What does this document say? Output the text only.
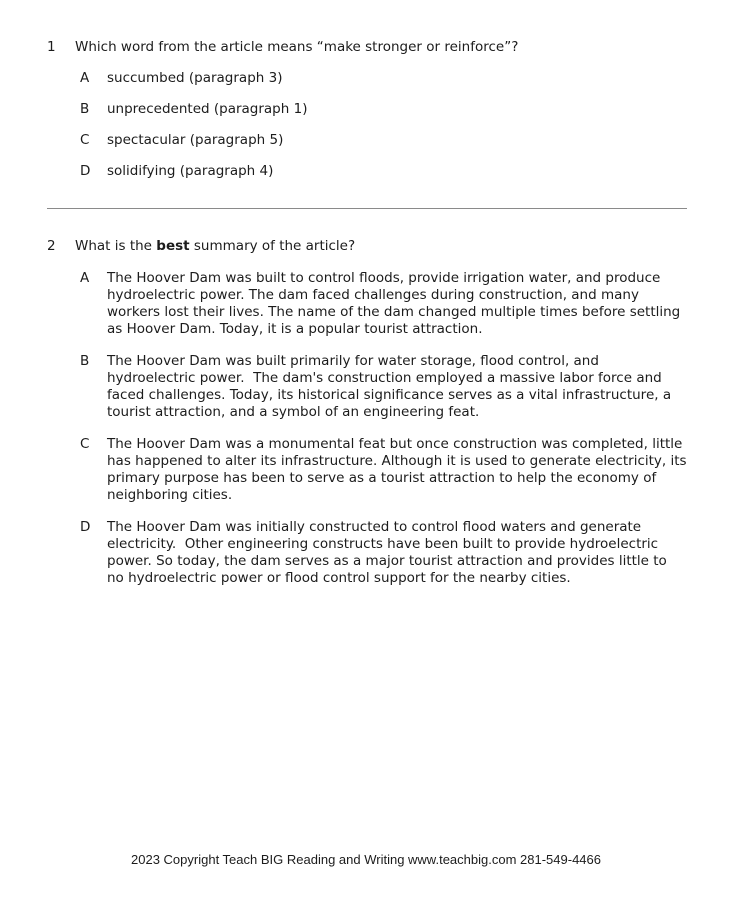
1	Which word from the article means “make stronger or reinforce”?

A	succumbed (paragraph 3)

B	unprecedented (paragraph 1)

C	spectacular (paragraph 5)

D	solidifying (paragraph 4)

2	What is the best summary of the article?

A	The Hoover Dam was built to control floods, provide irrigation water, and produce hydroelectric power. The dam faced challenges during construction, and many workers lost their lives. The name of the dam changed multiple times before settling as Hoover Dam. Today, it is a popular tourist attraction.

B	The Hoover Dam was built primarily for water storage, flood control, and hydroelectric power.  The dam's construction employed a massive labor force and faced challenges. Today, its historical significance serves as a vital infrastructure, a tourist attraction, and a symbol of an engineering feat.

C	The Hoover Dam was a monumental feat but once construction was completed, little has happened to alter its infrastructure. Although it is used to generate electricity, its primary purpose has been to serve as a tourist attraction to help the economy of neighboring cities.

D	The Hoover Dam was initially constructed to control flood waters and generate electricity.  Other engineering constructs have been built to provide hydroelectric power. So today, the dam serves as a major tourist attraction and provides little to no hydroelectric power or flood control support for the nearby cities.

2023 Copyright Teach BIG Reading and Writing www.teachbig.com 281-549-4466
